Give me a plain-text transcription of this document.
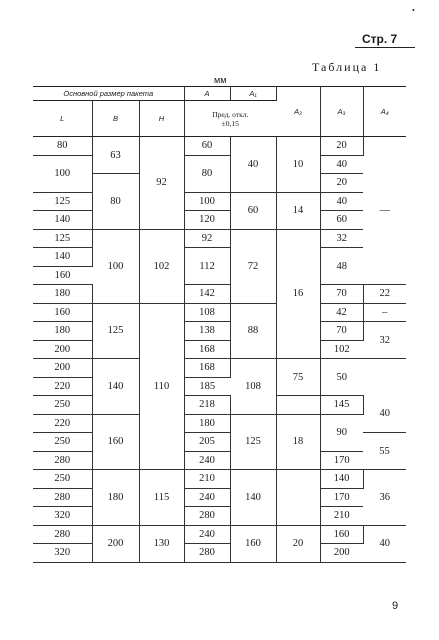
•
Стр. 7
Таблица 1
мм
Основной размер пакета			A	A₁	A₂	A₃	A₄
L	B	H	Пред. откл.
±0,15				

80	63	92	60	40	10	20	—
100			80			40	
	80					20	
125			100	60	14	40	
140			120			60	
125	100	102	92	72	16	32	
140			112			48	
160							
180			142			70	22
160	125	110	108	88		42	–
180			138			70	32
200			168			102	
200	140		168	108	75	50	
220			185				
250			218			145	40
220	160		180	125	18	90	
250			205				55
280			240			170	
250	180	115	210	140		140	36
280			240			170	
320			280			210	
280	200	130	240	160	20	160	40
320			280			200	
9
